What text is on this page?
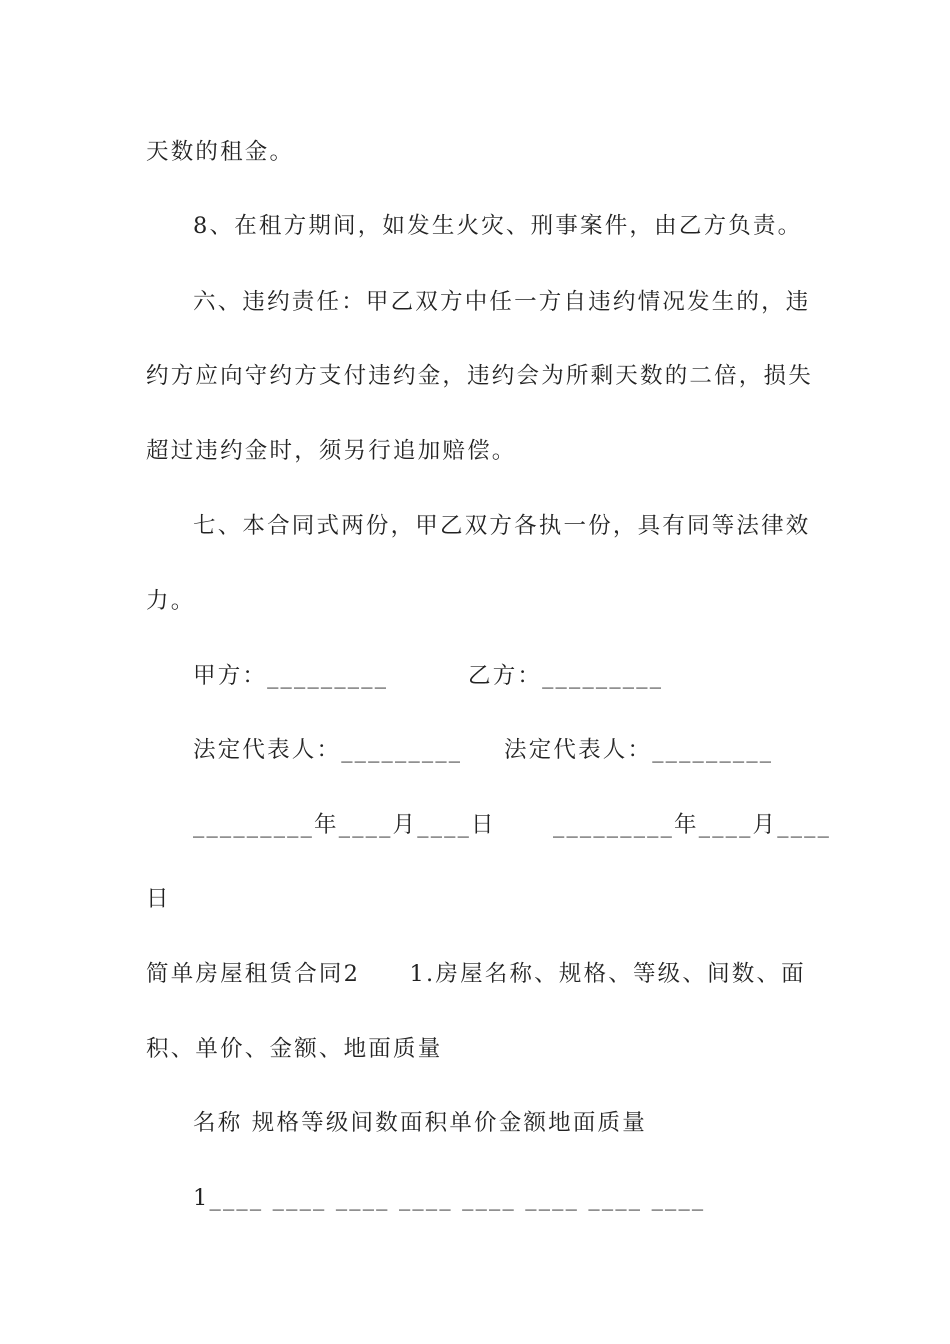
天数的租金。
8、在租方期间，如发生火灾、刑事案件，由乙方负责。
六、违约责任：甲乙双方中任一方自违约情况发生的，违
约方应向守约方支付违约金，违约会为所剩天数的二倍，损失
超过违约金时，须另行追加赔偿。
七、本合同式两份，甲乙双方各执一份，具有同等法律效
力。
甲方：_________	乙方：_________
法定代表人：_________ 法定代表人：_________
_________年____月____日	_________年____月____
日
简单房屋租赁合同2　　1.房屋名称、规格、等级、间数、面
积、单价、金额、地面质量
名称 规格等级间数面积单价金额地面质量
1____ ____ ____ ____ ____ ____ ____ ____
